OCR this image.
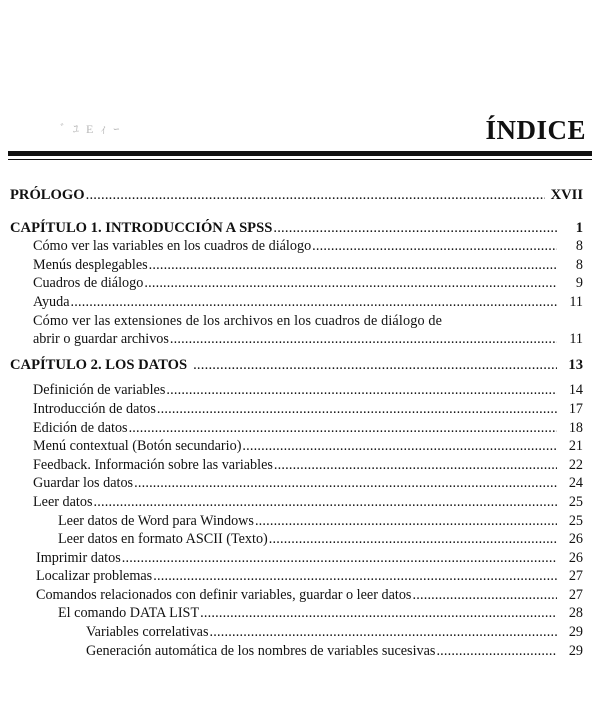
ﾞ ﾕ E ｨ ｰ	ÍNDICE
PRÓLOGO .....	XVII
CAPÍTULO 1. INTRODUCCIÓN A SPSS .....	1
Cómo ver las variables en los cuadros de diálogo .....	8
Menús desplegables .....	8
Cuadros de diálogo .....	9
Ayuda .....	11
Cómo ver las extensiones de los archivos en los cuadros de diálogo de
abrir o guardar archivos .....	11
CAPÍTULO 2. LOS DATOS .....	13
Definición de variables .....	14
Introducción de datos .....	17
Edición de datos .....	18
Menú contextual (Botón secundario) .....	21
Feedback. Información sobre las variables .....	22
Guardar los datos .....	24
Leer datos .....	25
Leer datos de Word para Windows .....	25
Leer datos en formato ASCII (Texto) .....	26
Imprimir datos .....	26
Localizar problemas .....	27
Comandos relacionados con definir variables, guardar o leer datos .....	27
El comando DATA LIST .....	28
Variables correlativas .....	29
Generación automática de los nombres de variables sucesivas .....	29
